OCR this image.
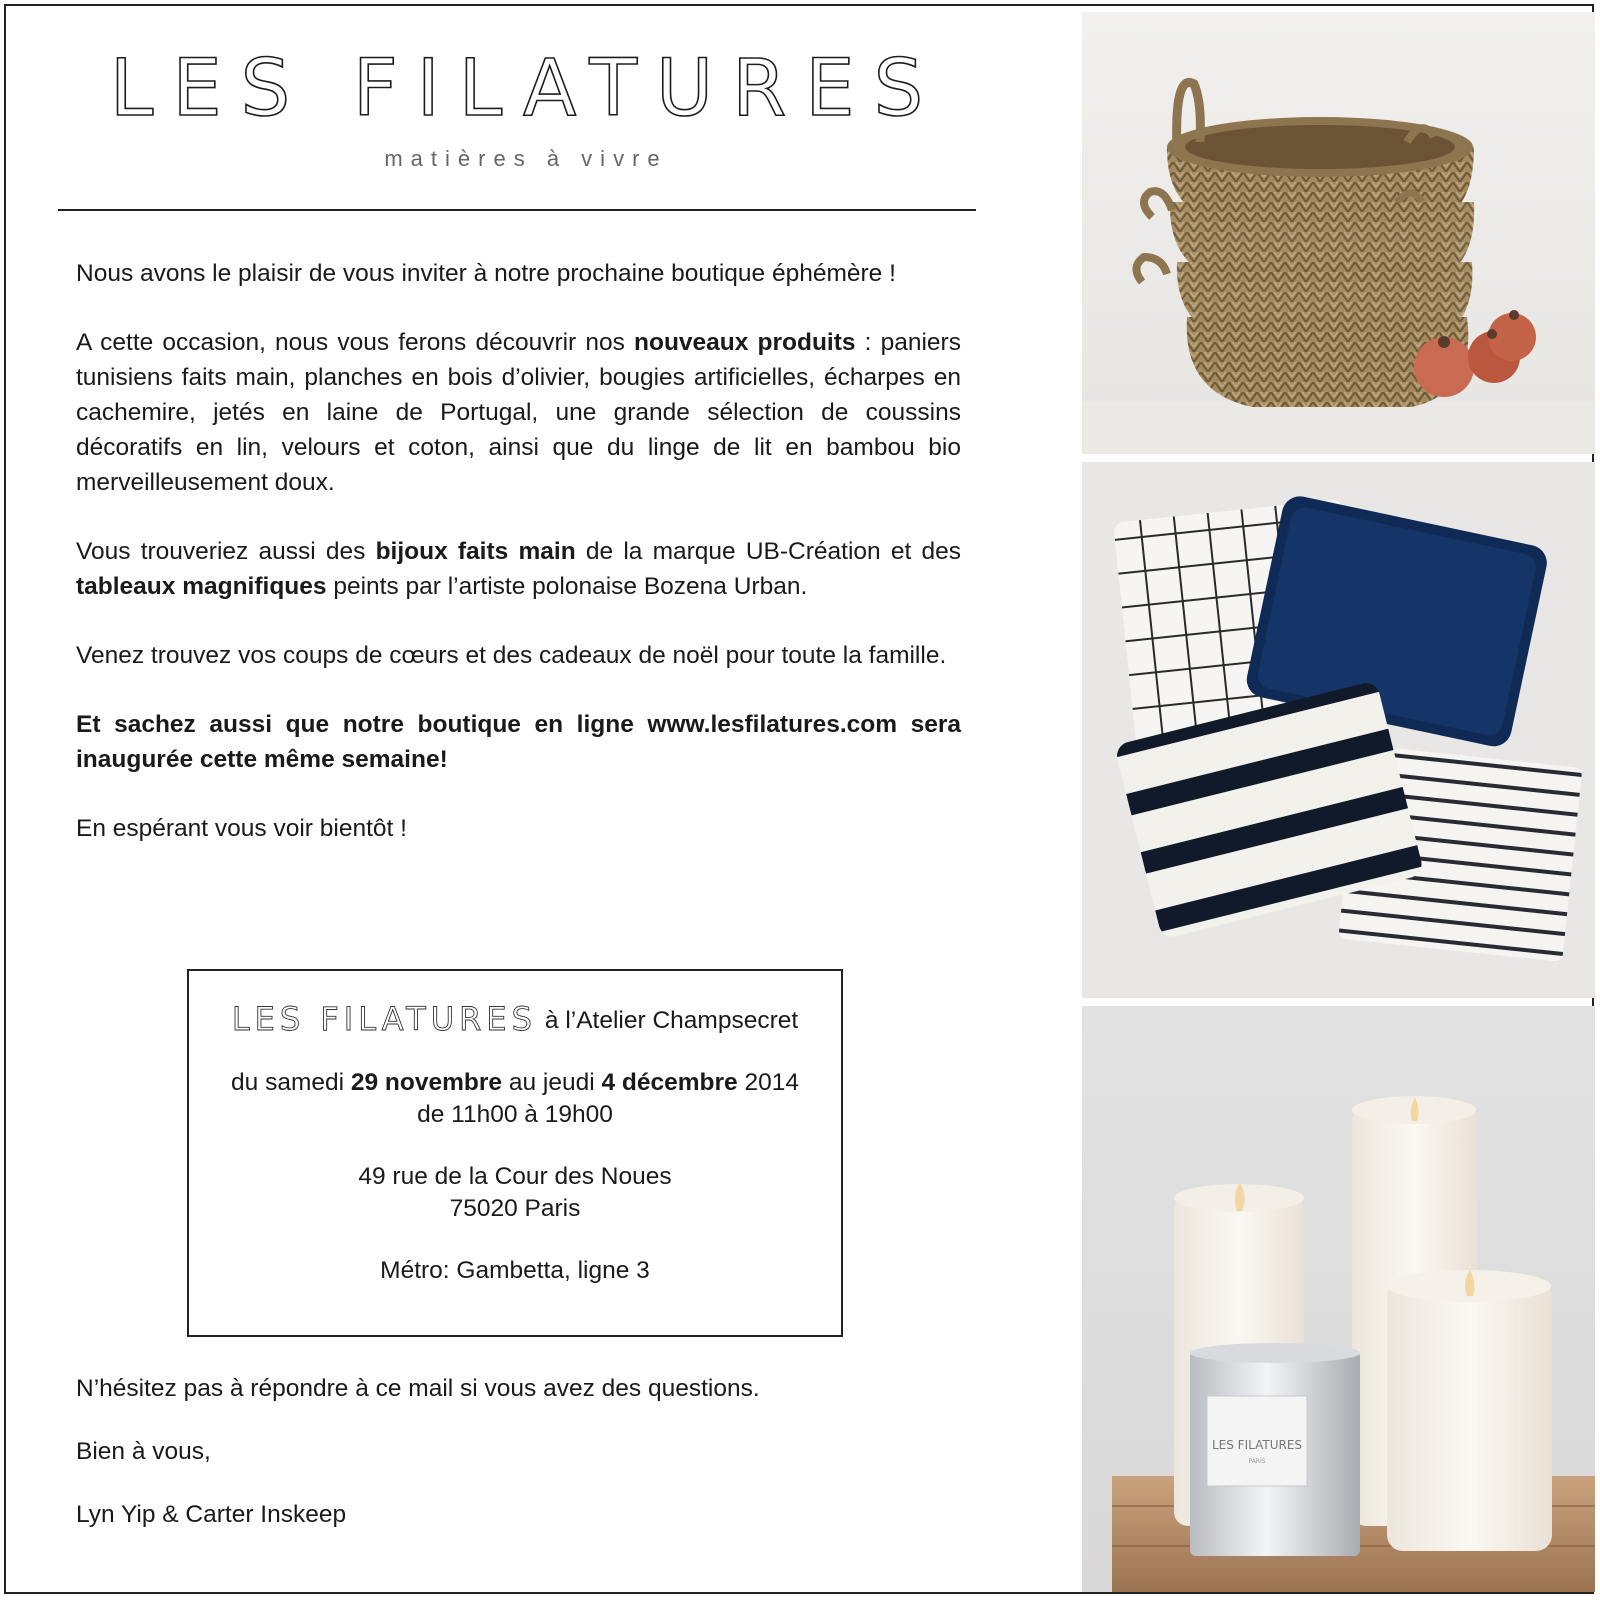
LES FILATURES
matières à vivre

Nous avons le plaisir de vous inviter à notre prochaine boutique éphémère !

A cette occasion, nous vous ferons découvrir nos nouveaux produits : paniers tunisiens faits main, planches en bois d’olivier, bougies artificielles, écharpes en cachemire, jetés en laine de Portugal, une grande sélection de coussins décoratifs en lin, velours et coton, ainsi que du linge de lit en bambou bio merveilleusement doux.

Vous trouveriez aussi des bijoux faits main de la marque UB-Création et des tableaux magnifiques peints par l’artiste polonaise Bozena Urban.

Venez trouvez vos coups de cœurs et des cadeaux de noël pour toute la famille.

Et sachez aussi que notre boutique en ligne www.lesfilatures.com sera inaugurée cette même semaine!

En espérant vous voir bientôt !

LES FILATURES à l’Atelier Champsecret
du samedi 29 novembre au jeudi 4 décembre 2014
de 11h00 à 19h00
49 rue de la Cour des Noues
75020 Paris
Métro: Gambetta, ligne 3

N’hésitez pas à répondre à ce mail si vous avez des questions.

Bien à vous,

Lyn Yip & Carter Inskeep

LES FILATURES
PARIS
